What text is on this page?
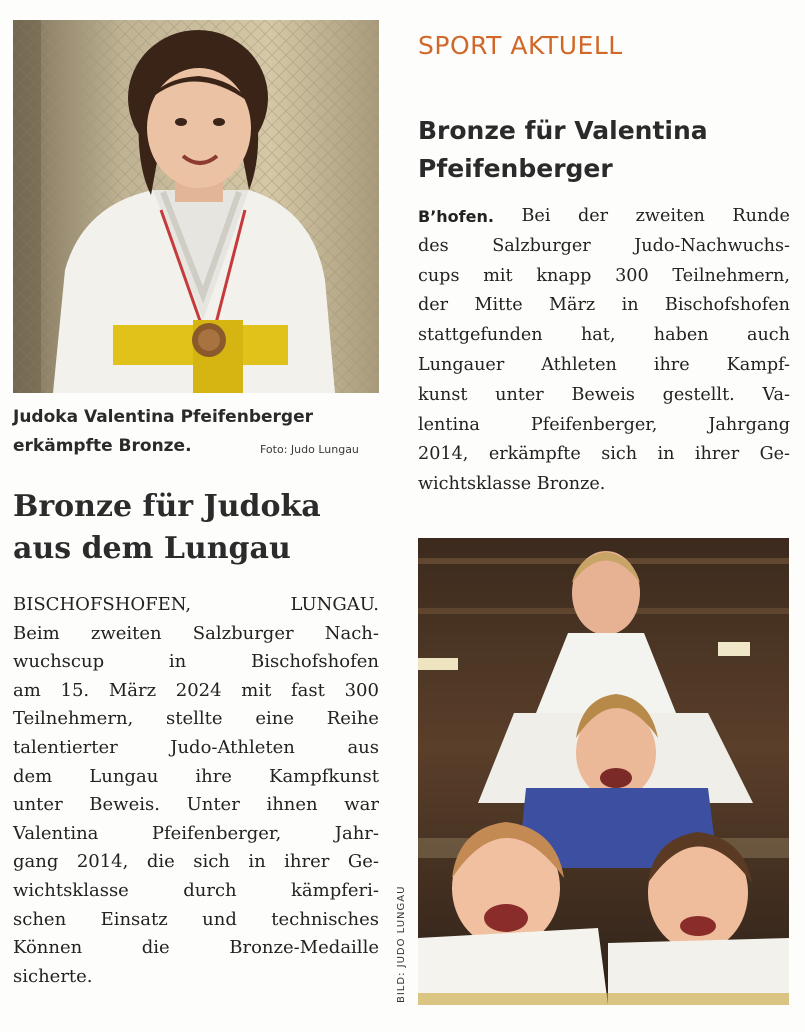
Judoka Valentina Pfeifenberger
erkämpfte Bronze.	Foto: Judo Lungau
Bronze für Judoka
aus dem Lungau
BISCHOFSHOFEN,	LUNGAU.
Beim zweiten Salzburger Nach-
wuchscup	in	Bischofshofen
am 15. März 2024 mit fast 300
Teilnehmern, stellte eine Reihe
talentierter	Judo-Athleten	aus
dem Lungau ihre Kampfkunst
unter Beweis. Unter ihnen war
Valentina	Pfeifenberger,	Jahr-
gang 2014, die sich in ihrer Ge-
wichtsklasse	durch	kämpferi-
schen Einsatz und technisches
Können	die	Bronze-Medaille
sicherte.
SPORT AKTUELL
Bronze für Valentina
Pfeifenberger
B’hofen. Bei der zweiten Runde
des Salzburger Judo-Nachwuchs-
cups mit knapp 300 Teilnehmern,
der Mitte März in Bischofshofen
stattgefunden hat, haben auch
Lungauer Athleten ihre Kampf-
kunst unter Beweis gestellt. Va-
lentina	Pfeifenberger,	Jahrgang
2014, erkämpfte sich in ihrer Ge-
wichtsklasse Bronze.
BILD: JUDO LUNGAU
